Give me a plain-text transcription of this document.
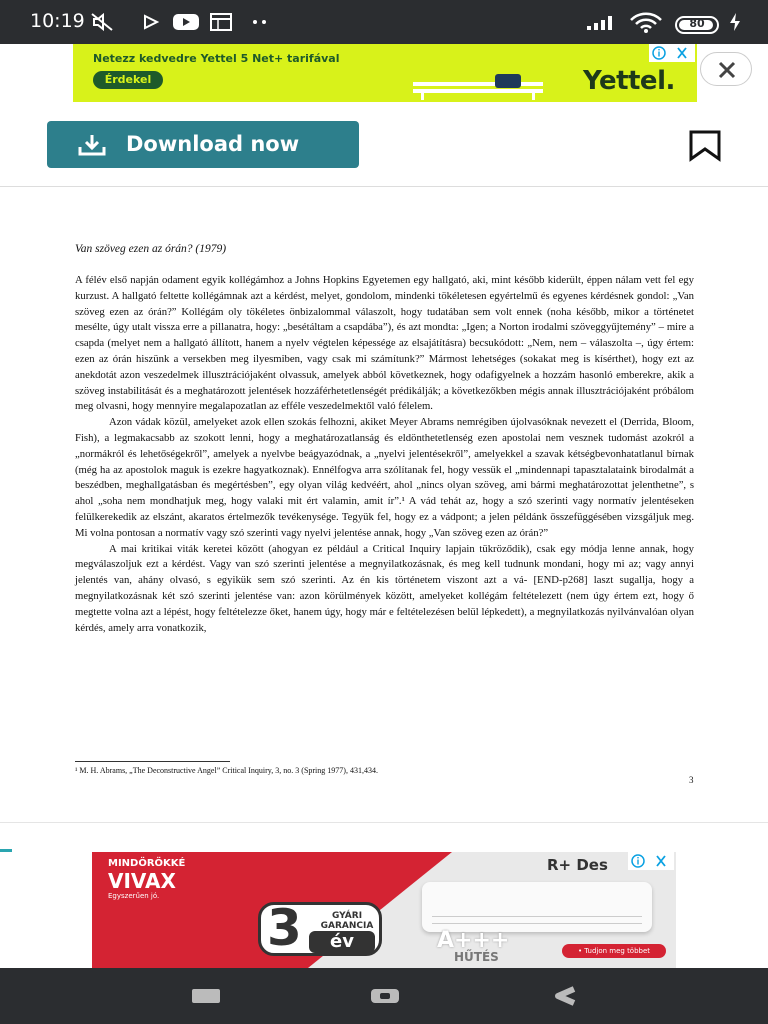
10:19	80
Netezz kedvedre Yettel 5 Net+ tarifával
Érdekel	Yettel.
Download now
Van szöveg ezen az órán? (1979)

A félév első napján odament egyik kollégámhoz a Johns Hopkins Egyetemen egy hallgató, aki, mint később kiderült, éppen nálam vett fel egy kurzust. A hallgató feltette kollégámnak azt a kérdést, melyet, gondolom, mindenki tökéletesen egyértelmű és egyenes kérdésnek gondol: „Van szöveg ezen az órán?” Kollégám oly tökéletes önbizalommal válaszolt, hogy tudatában sem volt ennek (noha később, mikor a történetet mesélte, úgy utalt vissza erre a pillanatra, hogy: „besétáltam a csapdába”), és azt mondta: „Igen; a Norton irodalmi szöveggyűjtemény” – mire a csapda (melyet nem a hallgató állított, hanem a nyelv végtelen képessége az elsajátításra) becsukódott: „Nem, nem – válaszolta –, úgy értem: ezen az órán hiszünk a versekben meg ilyesmiben, vagy csak mi számítunk?” Mármost lehetséges (sokakat meg is kísérthet), hogy ezt az anekdotát azon veszedelmek illusztrációjaként olvassuk, amelyek abból következnek, hogy odafigyelnek a hozzám hasonló emberekre, akik a szöveg instabilitását és a meghatározott jelentések hozzáférhetetlenségét prédikálják; a következőkben mégis annak illusztrációjaként próbálom meg olvasni, hogy mennyire megalapozatlan az efféle veszedelmektől való félelem.

Azon vádak közül, amelyeket azok ellen szokás felhozni, akiket Meyer Abrams nemrégiben újolvasóknak nevezett el (Derrida, Bloom, Fish), a legmakacsabb az szokott lenni, hogy a meghatározatlanság és eldönthetetlenség ezen apostolai nem vesznek tudomást azokról a „normákról és lehetőségekről”, amelyek a nyelvbe beágyazódnak, a „nyelvi jelentésekről”, amelyekkel a szavak kétségbevonhatatlanul bírnak (még ha az apostolok maguk is ezekre hagyatkoznak). Ennélfogva arra szólítanak fel, hogy vessük el „mindennapi tapasztalataink birodalmát a beszédben, meghallgatásban és megértésben”, egy olyan világ kedvéért, ahol „nincs olyan szöveg, ami bármi meghatározottat jelenthetne”, s ahol „soha nem mondhatjuk meg, hogy valaki mit ért valamin, amit ír”.¹ A vád tehát az, hogy a szó szerinti vagy normatív jelentéseken felülkerekedik az elszánt, akaratos értelmezők tevékenysége. Tegyük fel, hogy ez a vádpont; a jelen példánk összefüggésében vizsgáljuk meg. Mi volna pontosan a normatív vagy szó szerinti vagy nyelvi jelentése annak, hogy „Van szöveg ezen az órán?”

A mai kritikai viták keretei között (ahogyan ez például a Critical Inquiry lapjain tükröződik), csak egy módja lenne annak, hogy megválaszoljuk ezt a kérdést. Vagy van szó szerinti jelentése a megnyilatkozásnak, és meg kell tudnunk mondani, hogy mi az; vagy annyi jelentés van, ahány olvasó, s egyikük sem szó szerinti. Az én kis történetem viszont azt a vá- [END-p268] laszt sugallja, hogy a megnyilatkozásnak két szó szerinti jelentése van: azon körülmények között, amelyeket kollégám feltételezett (nem úgy értem ezt, hogy ő megtette volna azt a lépést, hogy feltételezze őket, hanem úgy, hogy már e feltételezésen belül lépkedett), a megnyilatkozás nyilvánvalóan olyan kérdés, amely arra vonatkozik,

¹ M. H. Abrams, „The Deconstructive Angel” Critical Inquiry, 3, no. 3 (Spring 1977), 431,434.
3
MINDÖRÖKKÉ
VIVAX
Egyszerűen jó.
3	GYÁRI GARANCIA
év
R+ Des
A+++
HŰTÉS	• Tudjon meg többet
